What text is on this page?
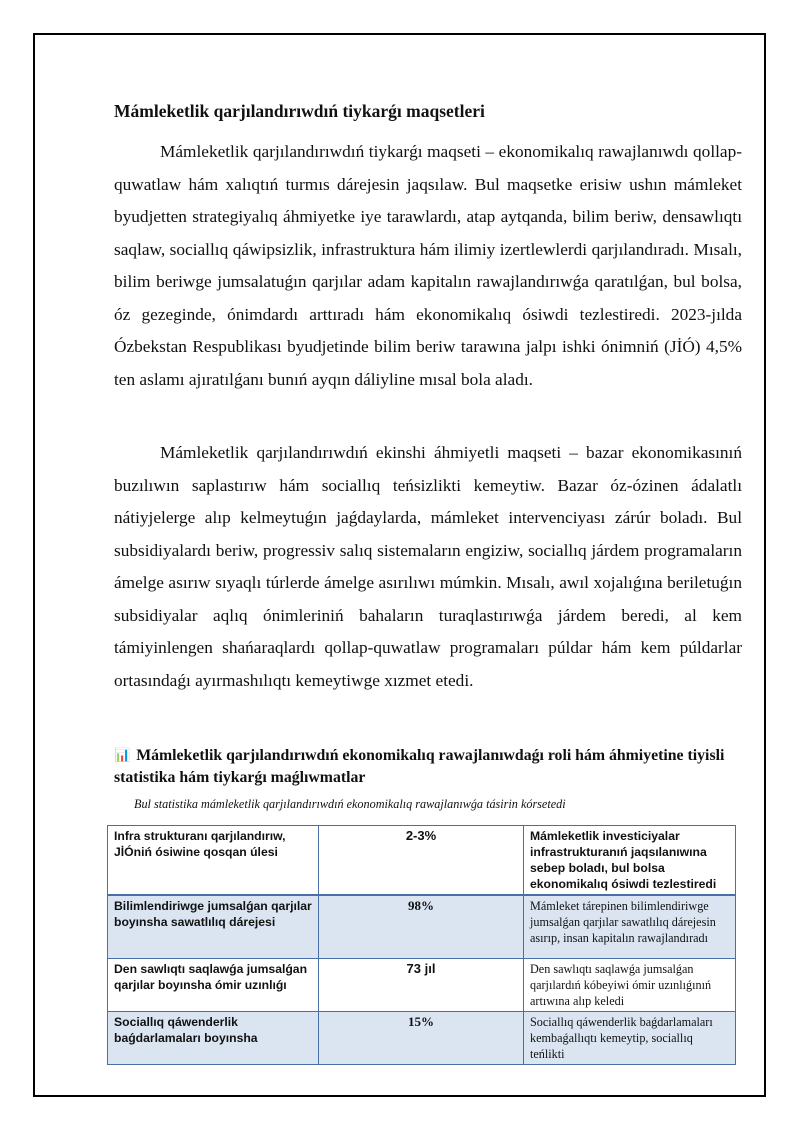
Mámleketlik qarjılandırıwdıń tiykarǵı maqsetleri

Mámleketlik qarjılandırıwdıń tiykarǵı maqseti – ekonomikalıq rawajlanıwdı qollap-quwatlaw hám xalıqtıń turmıs dárejesin jaqsılaw. Bul maqsetke erisiw ushın mámleket byudjetten strategiyalıq áhmiyetke iye tarawlardı, atap aytqanda, bilim beriw, densawlıqtı saqlaw, sociallıq qáwipsizlik, infrastruktura hám ilimiy izertlewlerdi qarjılandıradı. Mısalı, bilim beriwge jumsalatuǵın qarjılar adam kapitalın rawajlandırıwǵa qaratılǵan, bul bolsa, óz gezeginde, ónimdardı arttıradı hám ekonomikalıq ósiwdi tezlestiredi. 2023-jılda Ózbekstan Respublikası byudjetinde bilim beriw tarawına jalpı ishki ónimniń (JİÓ) 4,5% ten aslamı ajıratılǵanı bunıń ayqın dáliyline mısal bola aladı.

Mámleketlik qarjılandırıwdıń ekinshi áhmiyetli maqseti – bazar ekonomikasınıń buzılıwın saplastırıw hám sociallıq teńsizlikti kemeytiw. Bazar óz-ózinen ádalatlı nátiyjelerge alıp kelmeytuǵın jaǵdaylarda, mámleket intervenciyası zárúr boladı. Bul subsidiyalardı beriw, progressiv salıq sistemaların engiziw, sociallıq járdem programaların ámelge asırıw sıyaqlı túrlerde ámelge asırılıwı múmkin. Mısalı, awıl xojalıǵına beriletuǵın subsidiyalar aqlıq ónimleriniń bahaların turaqlastırıwǵa járdem beredi, al kem támiyinlengen shańaraqlardı qollap-quwatlaw programaları púldar hám kem púldarlar ortasındaǵı ayırmashılıqtı kemeytiwge xızmet etedi.

📊 Mámleketlik qarjılandırıwdıń ekonomikalıq rawajlanıwdaǵı roli hám áhmiyetine tiyisli statistika hám tiykarǵı maǵlıwmatlar
Bul statistika mámleketlik qarjılandırıwdıń ekonomikalıq rawajlanıwǵa tásirin kórsetedi
Infra strukturanı qarjılandırıw, JİÓniń ósiwine qosqan úlesi	2-3%	Mámleketlik investiciyalar infrastrukturanıń jaqsılanıwına sebep boladı, bul bolsa ekonomikalıq ósiwdi tezlestiredi
Bilimlendiriwge jumsalǵan qarjılar boyınsha sawatlılıq dárejesi	98%	Mámleket tárepinen bilimlendiriwge jumsalǵan qarjılar sawatlılıq dárejesin asırıp, insan kapitalın rawajlandıradı
Den sawlıqtı saqlawǵa jumsalǵan qarjılar boyınsha ómir uzınlıǵı	73 jıl	Den sawlıqtı saqlawǵa jumsalǵan qarjılardıń kóbeyiwi ómir uzınlıǵınıń artıwına alıp keledi
Sociallıq qáwenderlik baǵdarlamaları boyınsha	15%	Sociallıq qáwenderlik baǵdarlamaları kembaǵallıqtı kemeytip, sociallıq teńlikti
